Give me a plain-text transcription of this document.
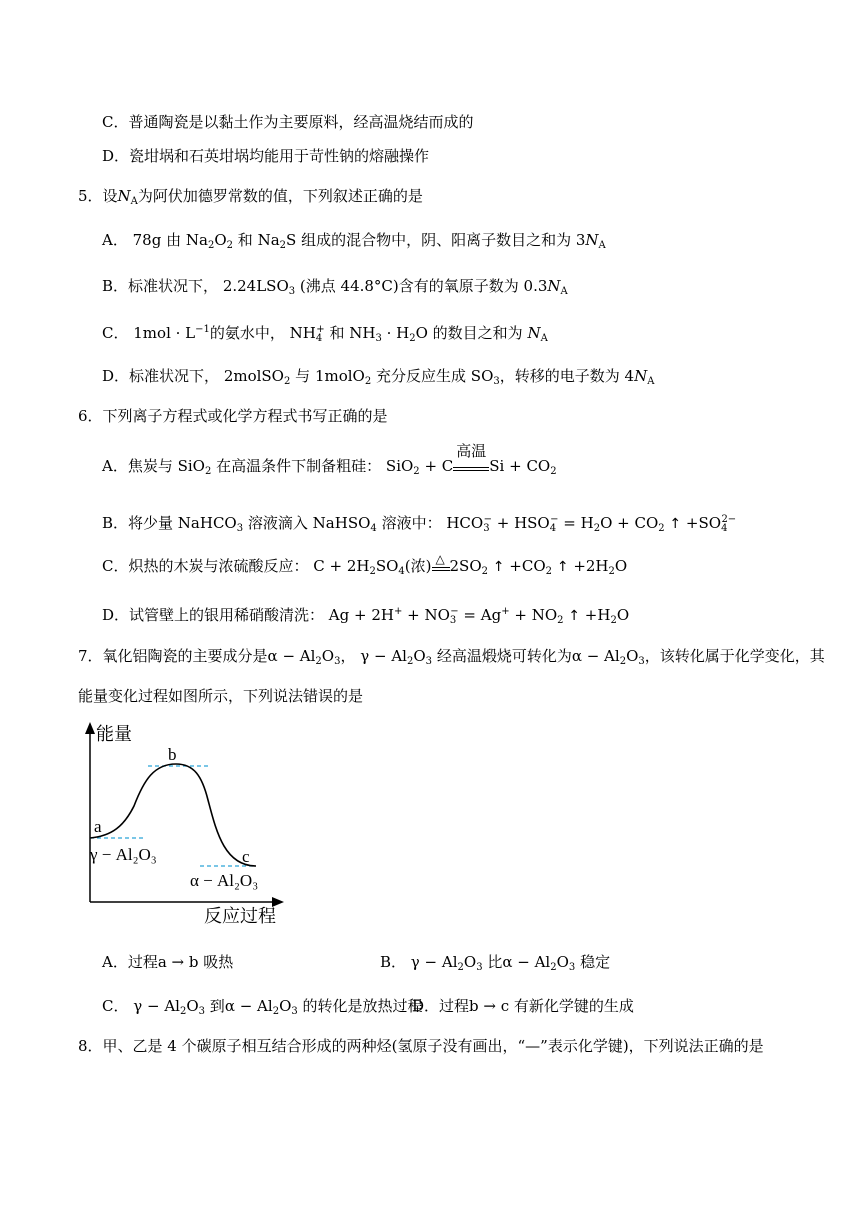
C．普通陶瓷是以黏土作为主要原料，经高温烧结而成的
D．瓷坩埚和石英坩埚均能用于苛性钠的熔融操作
5．设$N_A$为阿伏加德罗常数的值，下列叙述正确的是
A． 78g 由 $Na_2O_2$ 和 $Na_2S$ 组成的混合物中，阴、阳离子数目之和为 $3N_A$
B．标准状况下， $2.24LSO_3$ (沸点 44.8°C)含有的氧原子数为 $0.3N_A$
C． $1mol \cdot L^{-1}$的氨水中， $NH_4^+$ 和 $NH_3 \cdot H_2O$ 的数目之和为 $N_A$
D．标准状况下， 2molSO$_2$ 与 1molO$_2$ 充分反应生成 $SO_3$，转移的电子数为 $4N_A$
6．下列离子方程式或化学方程式书写正确的是
A．焦炭与 SiO$_2$ 在高温条件下制备粗硅： SiO$_2$ + C
高温
$Si + CO_2$
B．将少量 NaHCO$_3$ 溶液滴入 NaHSO$_4$ 溶液中： $HCO_3^- + HSO_4^- = H_2O + CO_2$ ↑ $+SO_4^{2-}$
C．炽热的木炭与浓硫酸反应： $C + 2H_2SO_4$(浓) △ $2SO_2$ ↑ $+CO_2$ ↑ $+2H_2O$
D．试管壁上的银用稀硝酸清洗： $Ag + 2H^+ + NO_3^- = Ag^+ + NO_2$ ↑ $+H_2O$
7．氧化铝陶瓷的主要成分是$\alpha - Al_2O_3$， $\gamma - Al_2O_3$ 经高温煅烧可转化为$\alpha - Al_2O_3$，该转化属于化学变化，其
能量变化过程如图所示，下列说法错误的是
能量
反应过程
a
b
c
γ − Al₂O₃
α − Al₂O₃
A．过程a → b 吸热	B． $\gamma - Al_2O_3$ 比$\alpha - Al_2O_3$ 稳定
C． $\gamma - Al_2O_3$ 到$\alpha - Al_2O_3$ 的转化是放热过程
D．过程b → c 有新化学键的生成
8．甲、乙是 4 个碳原子相互结合形成的两种烃(氢原子没有画出，“—”表示化学键)，下列说法正确的是
